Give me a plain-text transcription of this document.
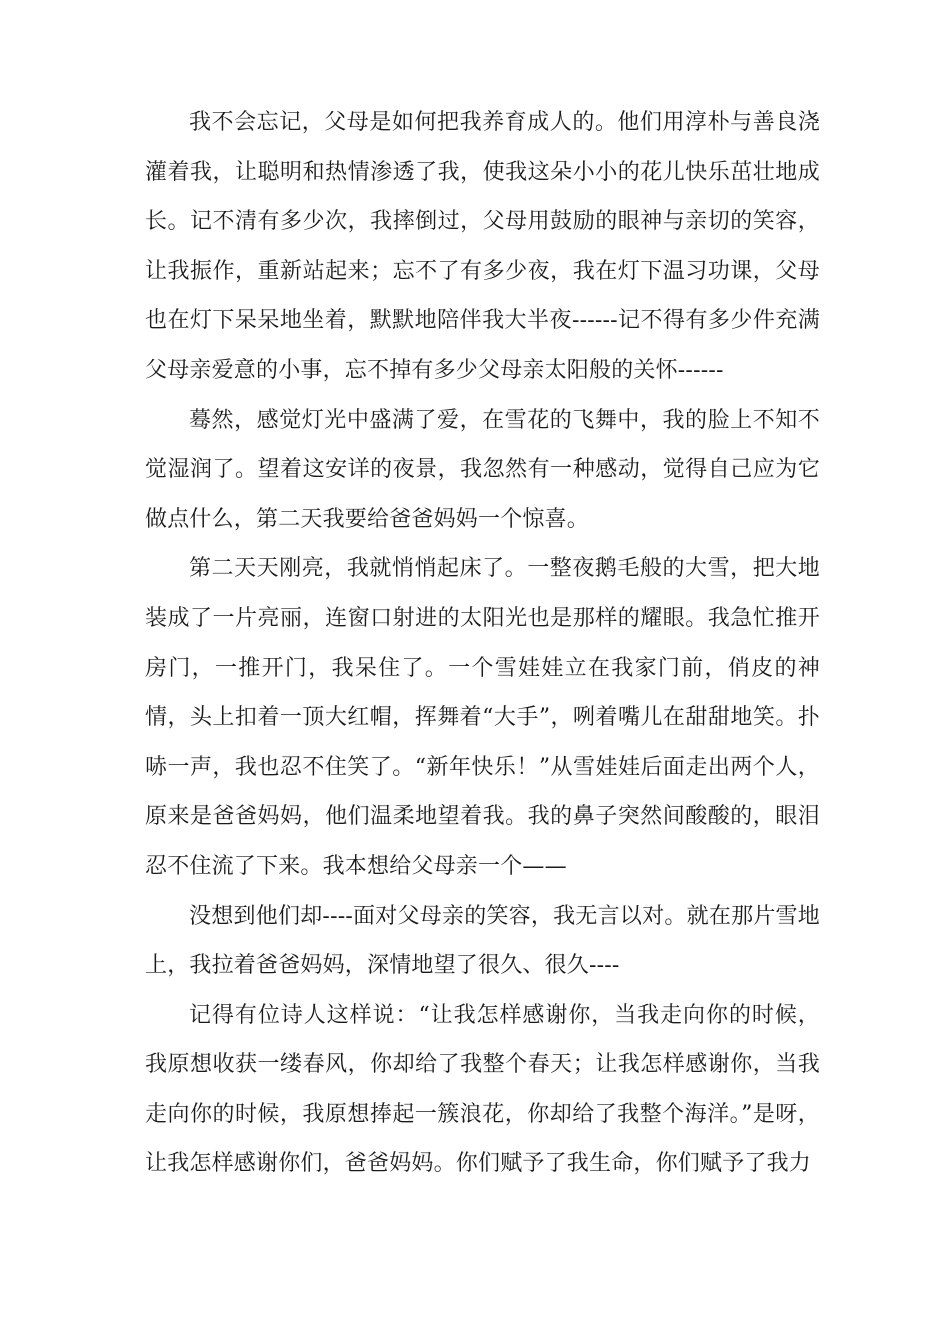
我不会忘记，父母是如何把我养育成人的。他们用淳朴与善良浇灌着我，让聪明和热情渗透了我，使我这朵小小的花儿快乐茁壮地成长。记不清有多少次，我摔倒过，父母用鼓励的眼神与亲切的笑容，让我振作，重新站起来；忘不了有多少夜，我在灯下温习功课，父母也在灯下呆呆地坐着，默默地陪伴我大半夜------记不得有多少件充满父母亲爱意的小事，忘不掉有多少父母亲太阳般的关怀------

蓦然，感觉灯光中盛满了爱，在雪花的飞舞中，我的脸上不知不觉湿润了。望着这安详的夜景，我忽然有一种感动，觉得自己应为它做点什么，第二天我要给爸爸妈妈一个惊喜。

第二天天刚亮，我就悄悄起床了。一整夜鹅毛般的大雪，把大地装成了一片亮丽，连窗口射进的太阳光也是那样的耀眼。我急忙推开房门，一推开门，我呆住了。一个雪娃娃立在我家门前，俏皮的神情，头上扣着一顶大红帽，挥舞着“大手”，咧着嘴儿在甜甜地笑。扑哧一声，我也忍不住笑了。“新年快乐！”从雪娃娃后面走出两个人，原来是爸爸妈妈，他们温柔地望着我。我的鼻子突然间酸酸的，眼泪忍不住流了下来。我本想给父母亲一个——

没想到他们却----面对父母亲的笑容，我无言以对。就在那片雪地上，我拉着爸爸妈妈，深情地望了很久、很久----

记得有位诗人这样说：“让我怎样感谢你，当我走向你的时候，我原想收获一缕春风，你却给了我整个春天；让我怎样感谢你，当我走向你的时候，我原想捧起一簇浪花，你却给了我整个海洋。”是呀，让我怎样感谢你们，爸爸妈妈。你们赋予了我生命，你们赋予了我力
